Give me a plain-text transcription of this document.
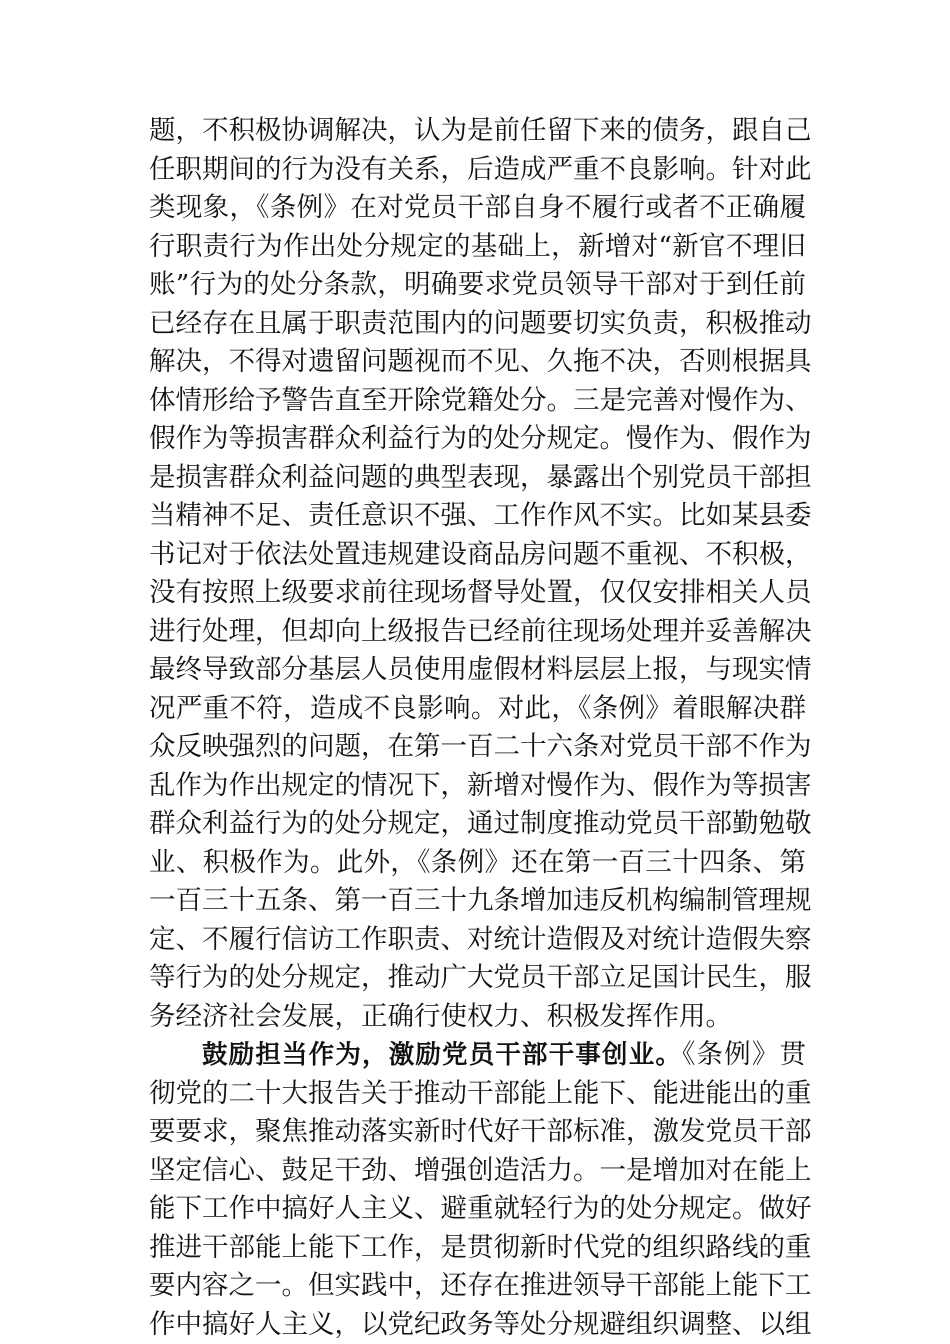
题，不积极协调解决，认为是前任留下来的债务，跟自己
任职期间的行为没有关系，后造成严重不良影响。针对此
类现象，《条例》在对党员干部自身不履行或者不正确履
行职责行为作出处分规定的基础上，新增对“新官不理旧
账”行为的处分条款，明确要求党员领导干部对于到任前
已经存在且属于职责范围内的问题要切实负责，积极推动
解决，不得对遗留问题视而不见、久拖不决，否则根据具
体情形给予警告直至开除党籍处分。三是完善对慢作为、
假作为等损害群众利益行为的处分规定。慢作为、假作为
是损害群众利益问题的典型表现，暴露出个别党员干部担
当精神不足、责任意识不强、工作作风不实。比如某县委
书记对于依法处置违规建设商品房问题不重视、不积极，
没有按照上级要求前往现场督导处置，仅仅安排相关人员
进行处理，但却向上级报告已经前往现场处理并妥善解决
最终导致部分基层人员使用虚假材料层层上报，与现实情
况严重不符，造成不良影响。对此，《条例》着眼解决群
众反映强烈的问题，在第一百二十六条对党员干部不作为
乱作为作出规定的情况下，新增对慢作为、假作为等损害
群众利益行为的处分规定，通过制度推动党员干部勤勉敬
业、积极作为。此外，《条例》还在第一百三十四条、第
一百三十五条、第一百三十九条增加违反机构编制管理规
定、不履行信访工作职责、对统计造假及对统计造假失察
等行为的处分规定，推动广大党员干部立足国计民生，服
务经济社会发展，正确行使权力、积极发挥作用。
鼓励担当作为，激励党员干部干事创业。《条例》贯
彻党的二十大报告关于推动干部能上能下、能进能出的重
要要求，聚焦推动落实新时代好干部标准，激发党员干部
坚定信心、鼓足干劲、增强创造活力。一是增加对在能上
能下工作中搞好人主义、避重就轻行为的处分规定。做好
推进干部能上能下工作，是贯彻新时代党的组织路线的重
要内容之一。但实践中，还存在推进领导干部能上能下工
作中搞好人主义，以党纪政务等处分规避组织调整、以组
